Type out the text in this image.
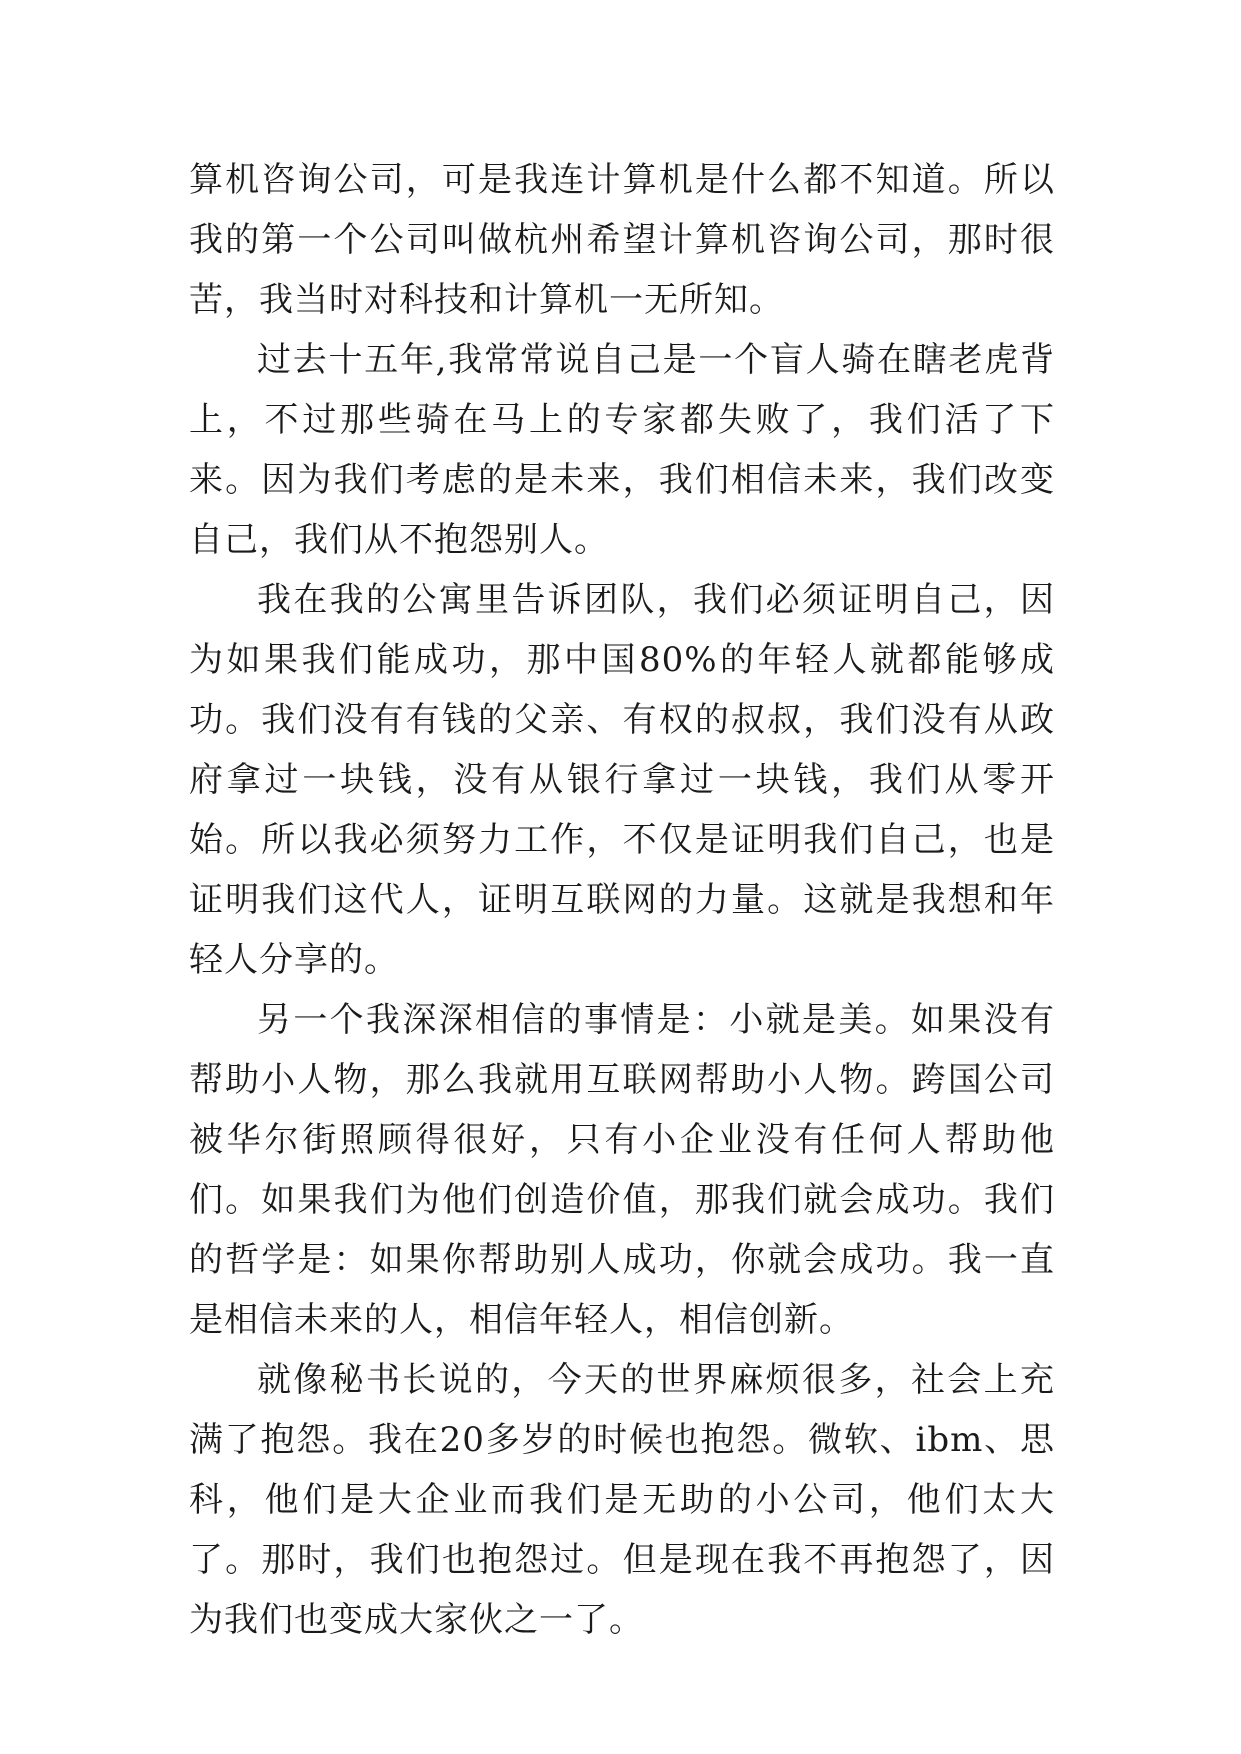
算机咨询公司，可是我连计算机是什么都不知道。所以我的第一个公司叫做杭州希望计算机咨询公司，那时很苦，我当时对科技和计算机一无所知。

过去十五年,我常常说自己是一个盲人骑在瞎老虎背上，不过那些骑在马上的专家都失败了，我们活了下来。因为我们考虑的是未来，我们相信未来，我们改变自己，我们从不抱怨别人。

我在我的公寓里告诉团队，我们必须证明自己，因为如果我们能成功，那中国80%的年轻人就都能够成功。我们没有有钱的父亲、有权的叔叔，我们没有从政府拿过一块钱，没有从银行拿过一块钱，我们从零开始。所以我必须努力工作，不仅是证明我们自己，也是证明我们这代人，证明互联网的力量。这就是我想和年轻人分享的。

另一个我深深相信的事情是：小就是美。如果没有帮助小人物，那么我就用互联网帮助小人物。跨国公司被华尔街照顾得很好，只有小企业没有任何人帮助他们。如果我们为他们创造价值，那我们就会成功。我们的哲学是：如果你帮助别人成功，你就会成功。我一直是相信未来的人，相信年轻人，相信创新。

就像秘书长说的，今天的世界麻烦很多，社会上充满了抱怨。我在20多岁的时候也抱怨。微软、ibm、思科，他们是大企业而我们是无助的小公司，他们太大了。那时，我们也抱怨过。但是现在我不再抱怨了，因为我们也变成大家伙之一了。
